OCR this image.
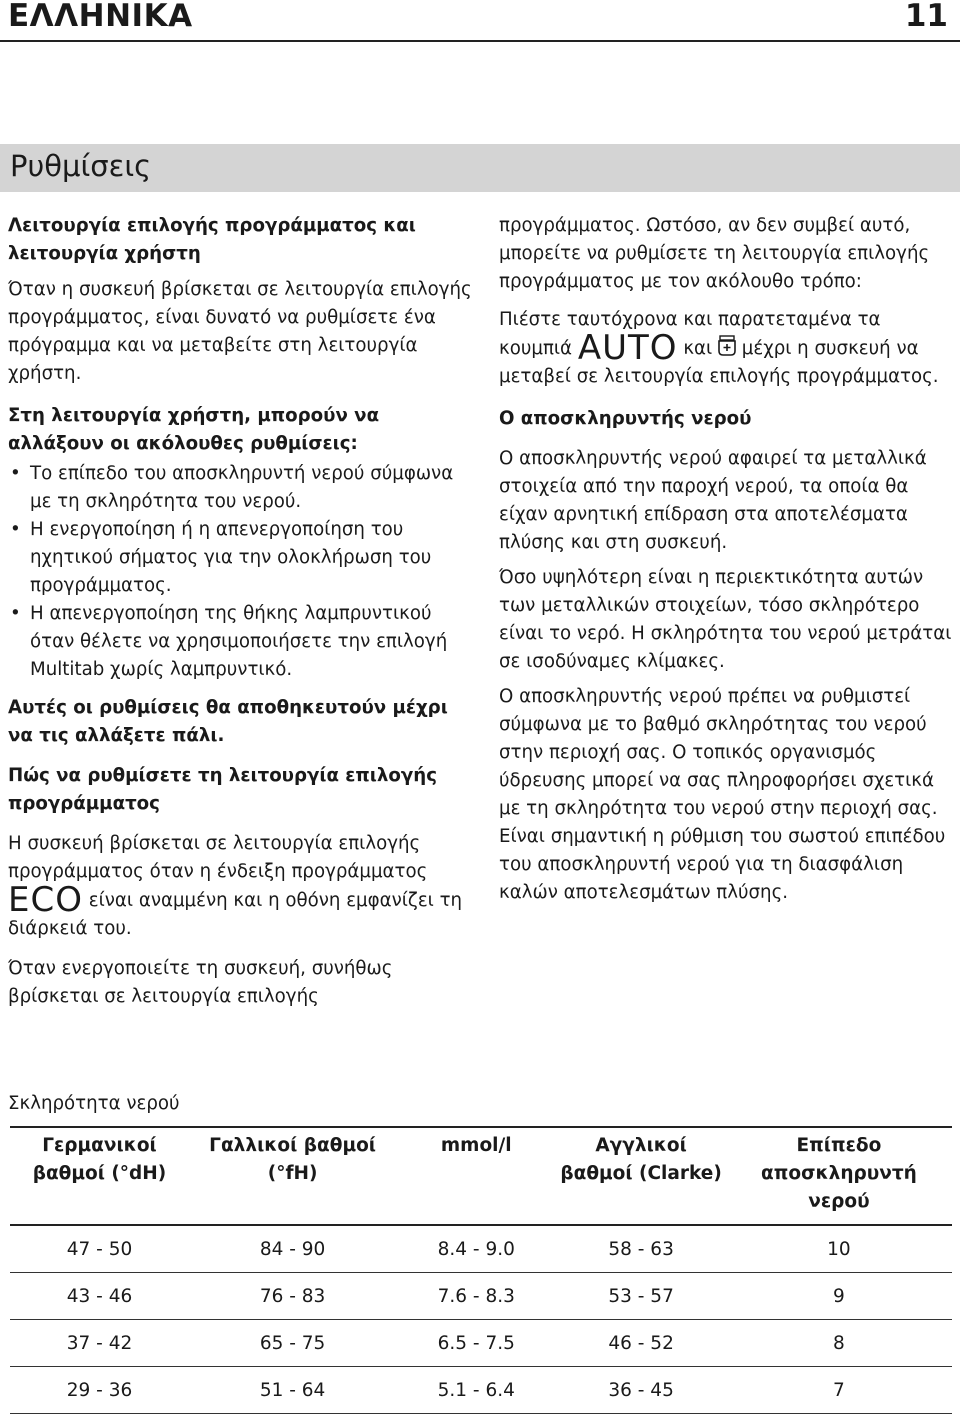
ΕΛΛΗΝΙΚΑ	11
Ρυθμίσεις

Λειτουργία επιλογής προγράμματος και λειτουργία χρήστη

Όταν η συσκευή βρίσκεται σε λειτουργία επιλογής προγράμματος, είναι δυνατό να ρυθμίσετε ένα πρόγραμμα και να μεταβείτε στη λειτουργία χρήστη.

Στη λειτουργία χρήστη, μπορούν να αλλάξουν οι ακόλουθες ρυθμίσεις:

• Το επίπεδο του αποσκληρυντή νερού σύμφωνα με τη σκληρότητα του νερού.
• Η ενεργοποίηση ή η απενεργοποίηση του ηχητικού σήματος για την ολοκλήρωση του προγράμματος.
• Η απενεργοποίηση της θήκης λαμπρυντικού όταν θέλετε να χρησιμοποιήσετε την επιλογή Multitab χωρίς λαμπρυντικό.

Αυτές οι ρυθμίσεις θα αποθηκευτούν μέχρι να τις αλλάξετε πάλι.

Πώς να ρυθμίσετε τη λειτουργία επιλογής προγράμματος

Η συσκευή βρίσκεται σε λειτουργία επιλογής προγράμματος όταν η ένδειξη προγράμματος ECO είναι αναμμένη και η οθόνη εμφανίζει τη διάρκειά του.

Όταν ενεργοποιείτε τη συσκευή, συνήθως βρίσκεται σε λειτουργία επιλογής

προγράμματος. Ωστόσο, αν δεν συμβεί αυτό, μπορείτε να ρυθμίσετε τη λειτουργία επιλογής προγράμματος με τον ακόλουθο τρόπο:

Πιέστε ταυτόχρονα και παρατεταμένα τα κουμπιά AUTO και μέχρι η συσκευή να μεταβεί σε λειτουργία επιλογής προγράμματος.

Ο αποσκληρυντής νερού

Ο αποσκληρυντής νερού αφαιρεί τα μεταλλικά στοιχεία από την παροχή νερού, τα οποία θα είχαν αρνητική επίδραση στα αποτελέσματα πλύσης και στη συσκευή.

Όσο υψηλότερη είναι η περιεκτικότητα αυτών των μεταλλικών στοιχείων, τόσο σκληρότερο είναι το νερό. Η σκληρότητα του νερού μετράται σε ισοδύναμες κλίμακες.

Ο αποσκληρυντής νερού πρέπει να ρυθμιστεί σύμφωνα με το βαθμό σκληρότητας του νερού στην περιοχή σας. Ο τοπικός οργανισμός ύδρευσης μπορεί να σας πληροφορήσει σχετικά με τη σκληρότητα του νερού στην περιοχή σας. Είναι σημαντική η ρύθμιση του σωστού επιπέδου του αποσκληρυντή νερού για τη διασφάλιση καλών αποτελεσμάτων πλύσης.

Σκληρότητα νερού
Γερμανικοί βαθμοί (°dH)	Γαλλικοί βαθμοί (°fH)	mmol/l	Αγγλικοί βαθμοί (Clarke)	Επίπεδο αποσκληρυντή νερού
47 - 50	84 - 90	8.4 - 9.0	58 - 63	10
43 - 46	76 - 83	7.6 - 8.3	53 - 57	9
37 - 42	65 - 75	6.5 - 7.5	46 - 52	8
29 - 36	51 - 64	5.1 - 6.4	36 - 45	7
